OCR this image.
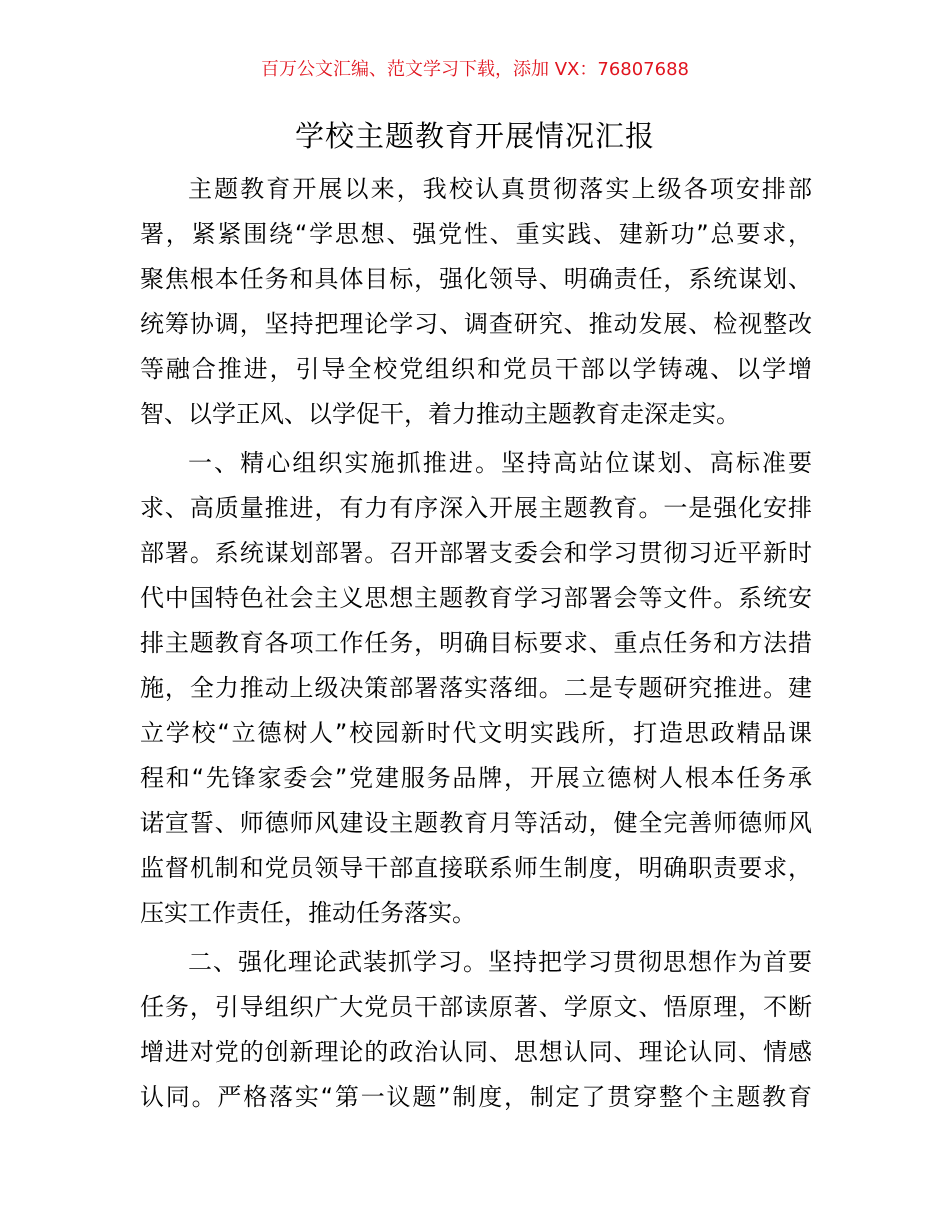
百万公文汇编、范文学习下载，添加 VX：76807688
学校主题教育开展情况汇报
主题教育开展以来，我校认真贯彻落实上级各项安排部
署，紧紧围绕“学思想、强党性、重实践、建新功”总要求，
聚焦根本任务和具体目标，强化领导、明确责任，系统谋划、
统筹协调，坚持把理论学习、调查研究、推动发展、检视整改
等融合推进，引导全校党组织和党员干部以学铸魂、以学增
智、以学正风、以学促干，着力推动主题教育走深走实。
一、精心组织实施抓推进。坚持高站位谋划、高标准要
求、高质量推进，有力有序深入开展主题教育。一是强化安排
部署。系统谋划部署。召开部署支委会和学习贯彻习近平新时
代中国特色社会主义思想主题教育学习部署会等文件。系统安
排主题教育各项工作任务，明确目标要求、重点任务和方法措
施，全力推动上级决策部署落实落细。二是专题研究推进。建
立学校“立德树人”校园新时代文明实践所，打造思政精品课
程和“先锋家委会”党建服务品牌，开展立德树人根本任务承
诺宣誓、师德师风建设主题教育月等活动，健全完善师德师风
监督机制和党员领导干部直接联系师生制度，明确职责要求，
压实工作责任，推动任务落实。
二、强化理论武装抓学习。坚持把学习贯彻思想作为首要
任务，引导组织广大党员干部读原著、学原文、悟原理，不断
增进对党的创新理论的政治认同、思想认同、理论认同、情感
认同。严格落实“第一议题”制度，制定了贯穿整个主题教育
